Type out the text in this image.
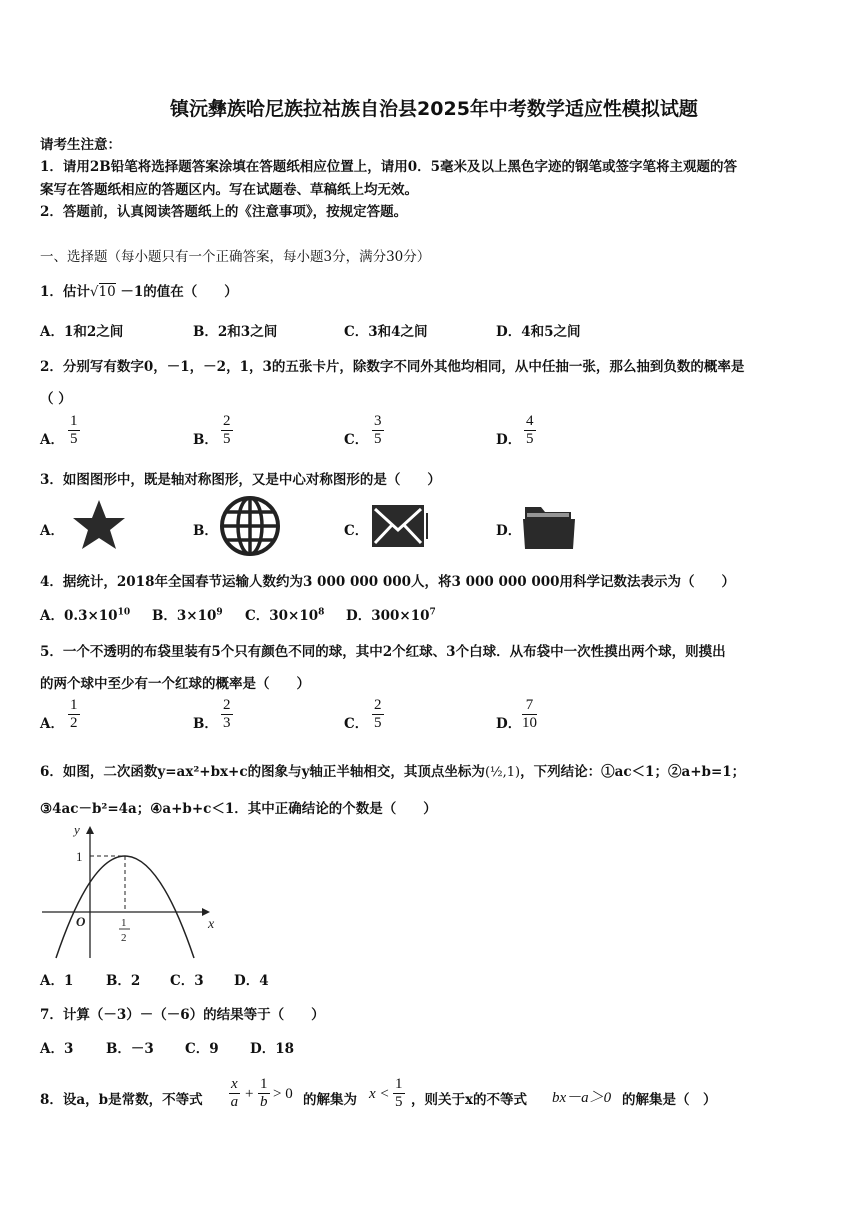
镇沅彝族哈尼族拉祜族自治县2025年中考数学适应性模拟试题
请考生注意：
1．请用2B铅笔将选择题答案涂填在答题纸相应位置上，请用0．5毫米及以上黑色字迹的钢笔或签字笔将主观题的答
案写在答题纸相应的答题区内。写在试题卷、草稿纸上均无效。
2．答题前，认真阅读答题纸上的《注意事项》，按规定答题。
一、选择题（每小题只有一个正确答案，每小题3分，满分30分）
1．估计√10 －1的值在（　　）
A．1和2之间	B．2和3之间	C．3和4之间	D．4和5之间
2．分别写有数字0，－1，－2，1，3的五张卡片，除数字不同外其他均相同，从中任抽一张，那么抽到负数的概率是
（ ）
A．
1
5	B．
2
5	C．
3
5	D．
4
5
3．如图图形中，既是轴对称图形，又是中心对称图形的是（　　）
A．	B．	C．	D．
4．据统计，2018年全国春节运输人数约为3 000 000 000人，将3 000 000 000用科学记数法表示为（　　）
A．$0.3\times 10^{10}$ B．$3\times 10^9$ C．$30\times 10^8$ D．$300\times 10^7$
5．一个不透明的布袋里装有5个只有颜色不同的球，其中2个红球、3个白球．从布袋中一次性摸出两个球，则摸出
的两个球中至少有一个红球的概率是（　　）
A．
1
2	B．
2
3	C．
2
5	D．
7
10
6．如图，二次函数y=ax²+bx+c的图象与y轴正半轴相交，其顶点坐标为(½,1)，下列结论：①ac＜1；②a+b=1；
③4ac－b²=4a；④a+b+c＜1．其中正确结论的个数是（　　）
y
x
O
1
1
2
A．1 B．2 C．3 D．4
7．计算（－3）－（－6）的结果等于（　　）
A．3 B．－3 C．9 D．18
8．设a，b是常数，不等式
x
a +
1
b > 0 的解集为 x <
1
5 ，则关于x的不等式 bx－a＞0 的解集是（　）
